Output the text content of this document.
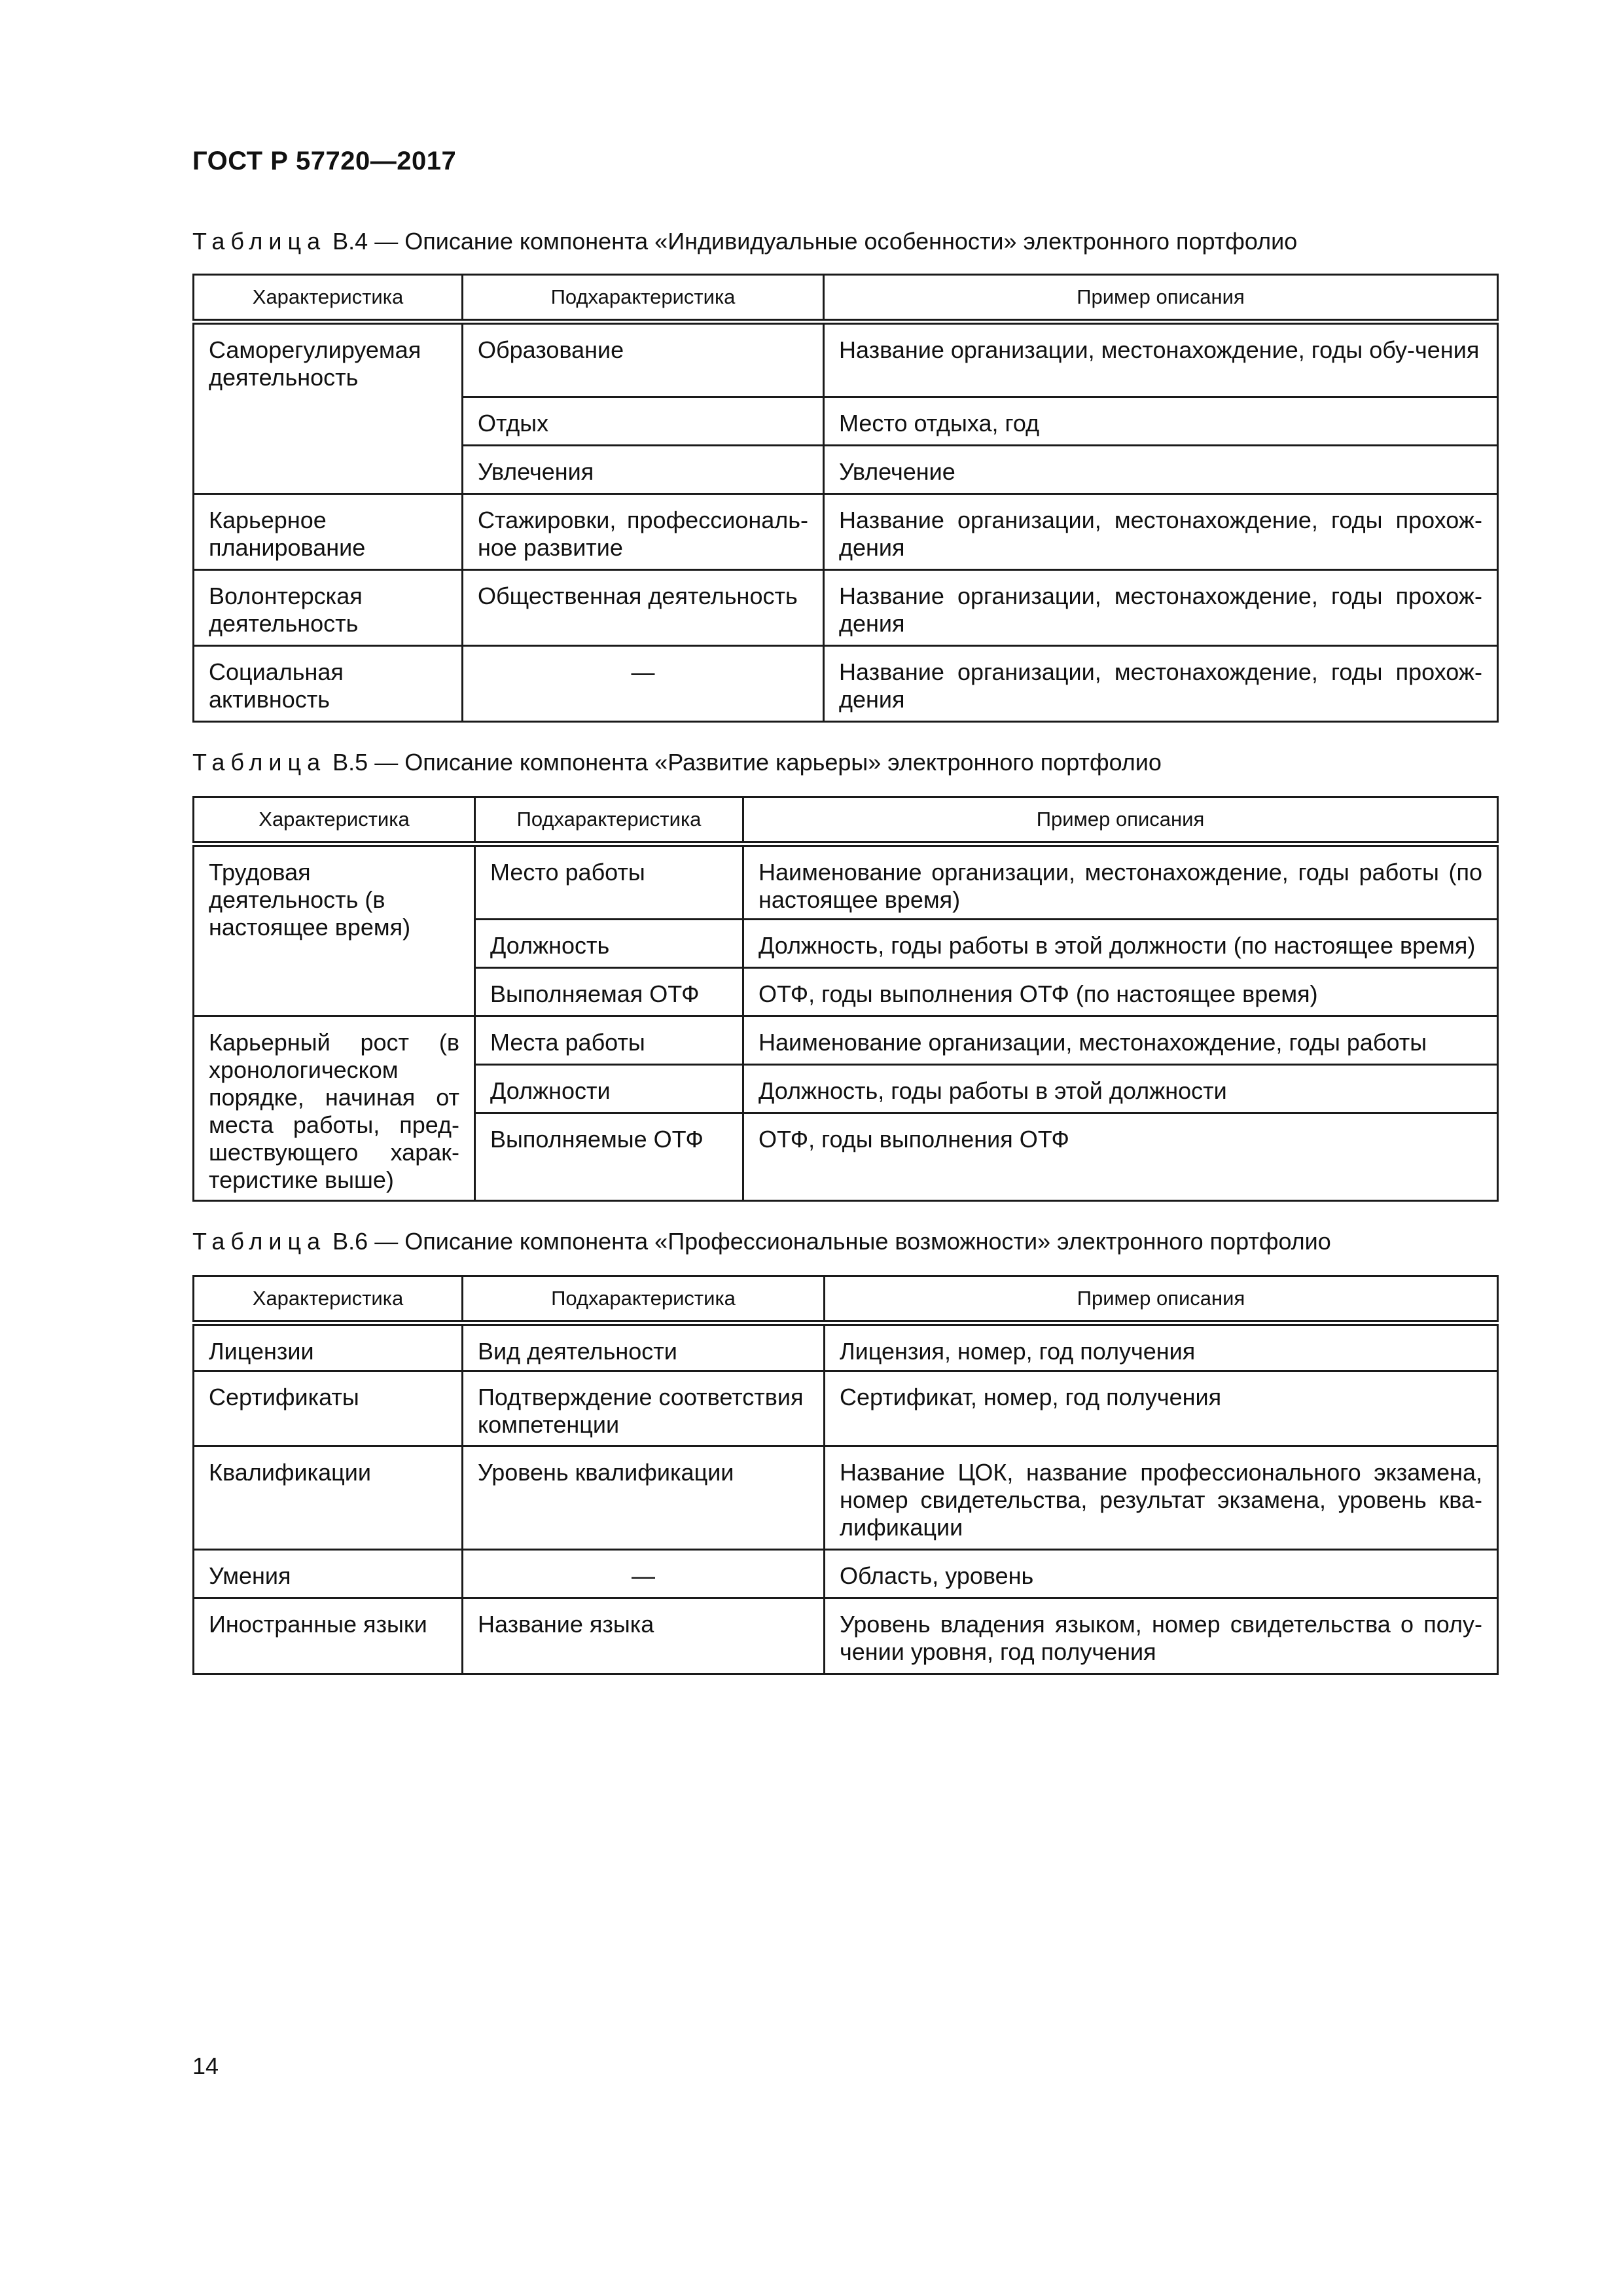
ГОСТ Р 57720—2017
Таблица В.4 — Описание компонента «Индивидуальные особенности» электронного портфолио
Характеристика	Подхарактеристика	Пример описания
Саморегулируемая деятельность	Образование	Название организации, местонахождение, годы обу-чения
	Отдых	Место отдыха, год
	Увлечения	Увлечение
Карьерное планирование	Стажировки, профессиональ-ное развитие	Название организации, местонахождение, годы прохож-дения
Волонтерская деятельность	Общественная деятельность	Название организации, местонахождение, годы прохож-дения
Социальная активность	—	Название организации, местонахождение, годы прохож-дения
Таблица В.5 — Описание компонента «Развитие карьеры» электронного портфолио
Характеристика	Подхарактеристика	Пример описания
Трудовая деятельность (в настоящее время)	Место работы	Наименование организации, местонахождение, годы работы (по настоящее время)
	Должность	Должность, годы работы в этой должности (по настоящее время)
	Выполняемая ОТФ	ОТФ, годы выполнения ОТФ (по настоящее время)
Карьерный рост (в хронологическом порядке, начиная от места работы, пред-шествующего харак-теристике выше)	Места работы	Наименование организации, местонахождение, годы работы
	Должности	Должность, годы работы в этой должности
	Выполняемые ОТФ	ОТФ, годы выполнения ОТФ
Таблица В.6 — Описание компонента «Профессиональные возможности» электронного портфолио
Характеристика	Подхарактеристика	Пример описания
Лицензии	Вид деятельности	Лицензия, номер, год получения
Сертификаты	Подтверждение соответствия компетенции	Сертификат, номер, год получения
Квалификации	Уровень квалификации	Название ЦОК, название профессионального экзамена, номер свидетельства, результат экзамена, уровень ква-лификации
Умения	—	Область, уровень
Иностранные языки	Название языка	Уровень владения языком, номер свидетельства о полу-чении уровня, год получения
14
